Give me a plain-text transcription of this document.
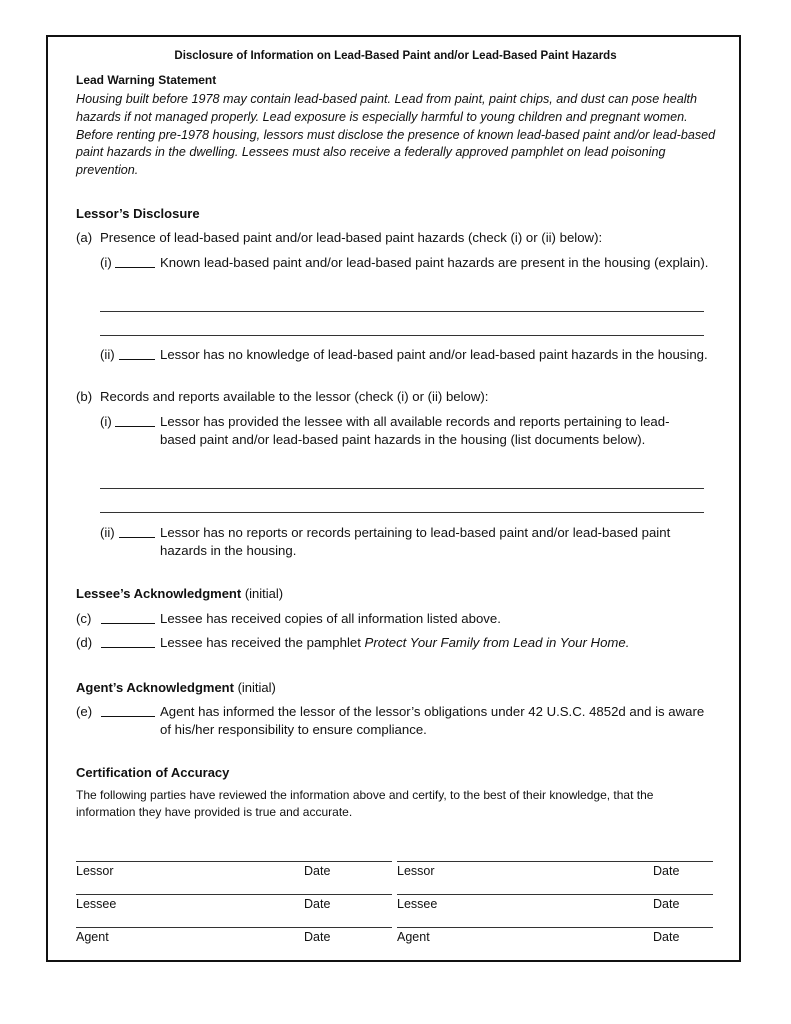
Disclosure of Information on Lead-Based Paint and/or Lead-Based Paint Hazards
Lead Warning Statement
Housing built before 1978 may contain lead-based paint. Lead from paint, paint chips, and dust can pose health hazards if not managed properly. Lead exposure is especially harmful to young children and pregnant women. Before renting pre-1978 housing, lessors must disclose the presence of known lead-based paint and/or lead-based paint hazards in the dwelling. Lessees must also receive a federally approved pamphlet on lead poisoning prevention.
Lessor’s Disclosure
(a) Presence of lead-based paint and/or lead-based paint hazards (check (i) or (ii) below):
(i)	Known lead-based paint and/or lead-based paint hazards are present in the housing (explain).
(ii)	Lessor has no knowledge of lead-based paint and/or lead-based paint hazards in the housing.
(b) Records and reports available to the lessor (check (i) or (ii) below):
(i)	Lessor has provided the lessee with all available records and reports pertaining to lead-based paint and/or lead-based paint hazards in the housing (list documents below).
(ii)	Lessor has no reports or records pertaining to lead-based paint and/or lead-based paint hazards in the housing.
Lessee’s Acknowledgment (initial)
(c)	Lessee has received copies of all information listed above.
(d)	Lessee has received the pamphlet Protect Your Family from Lead in Your Home.
Agent’s Acknowledgment (initial)
(e)	Agent has informed the lessor of the lessor’s obligations under 42 U.S.C. 4852d and is aware of his/her responsibility to ensure compliance.
Certification of Accuracy
The following parties have reviewed the information above and certify, to the best of their knowledge, that the information they have provided is true and accurate.
Lessor	Date	Lessor	Date
Lessee	Date	Lessee	Date
Agent	Date	Agent	Date
